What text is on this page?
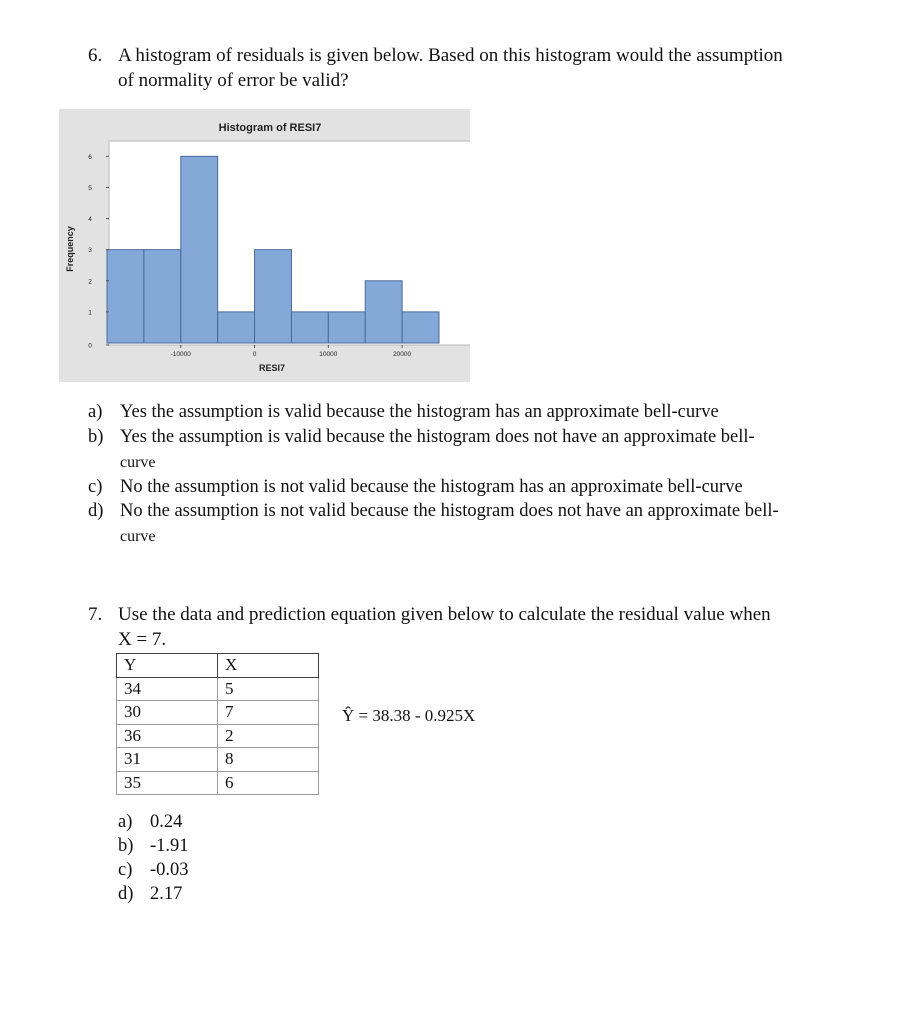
6. A histogram of residuals is given below. Based on this histogram would the assumption
of normality of error be valid?
-10000	0	10000	20000
0
1
2
3
4
5
6
Histogram of RESI7
RESI7
Frequency
a) Yes the assumption is valid because the histogram has an approximate bell-curve
b) Yes the assumption is valid because the histogram does not have an approximate bell-
curve
c) No the assumption is not valid because the histogram has an approximate bell-curve
d) No the assumption is not valid because the histogram does not have an approximate bell-
curve
7. Use the data and prediction equation given below to calculate the residual value when
X = 7.
Y	X
34	5
30	7
36	2
31	8
35	6
Ŷ = 38.38 - 0.925X
a) 0.24
b) -1.91
c) -0.03
d) 2.17
